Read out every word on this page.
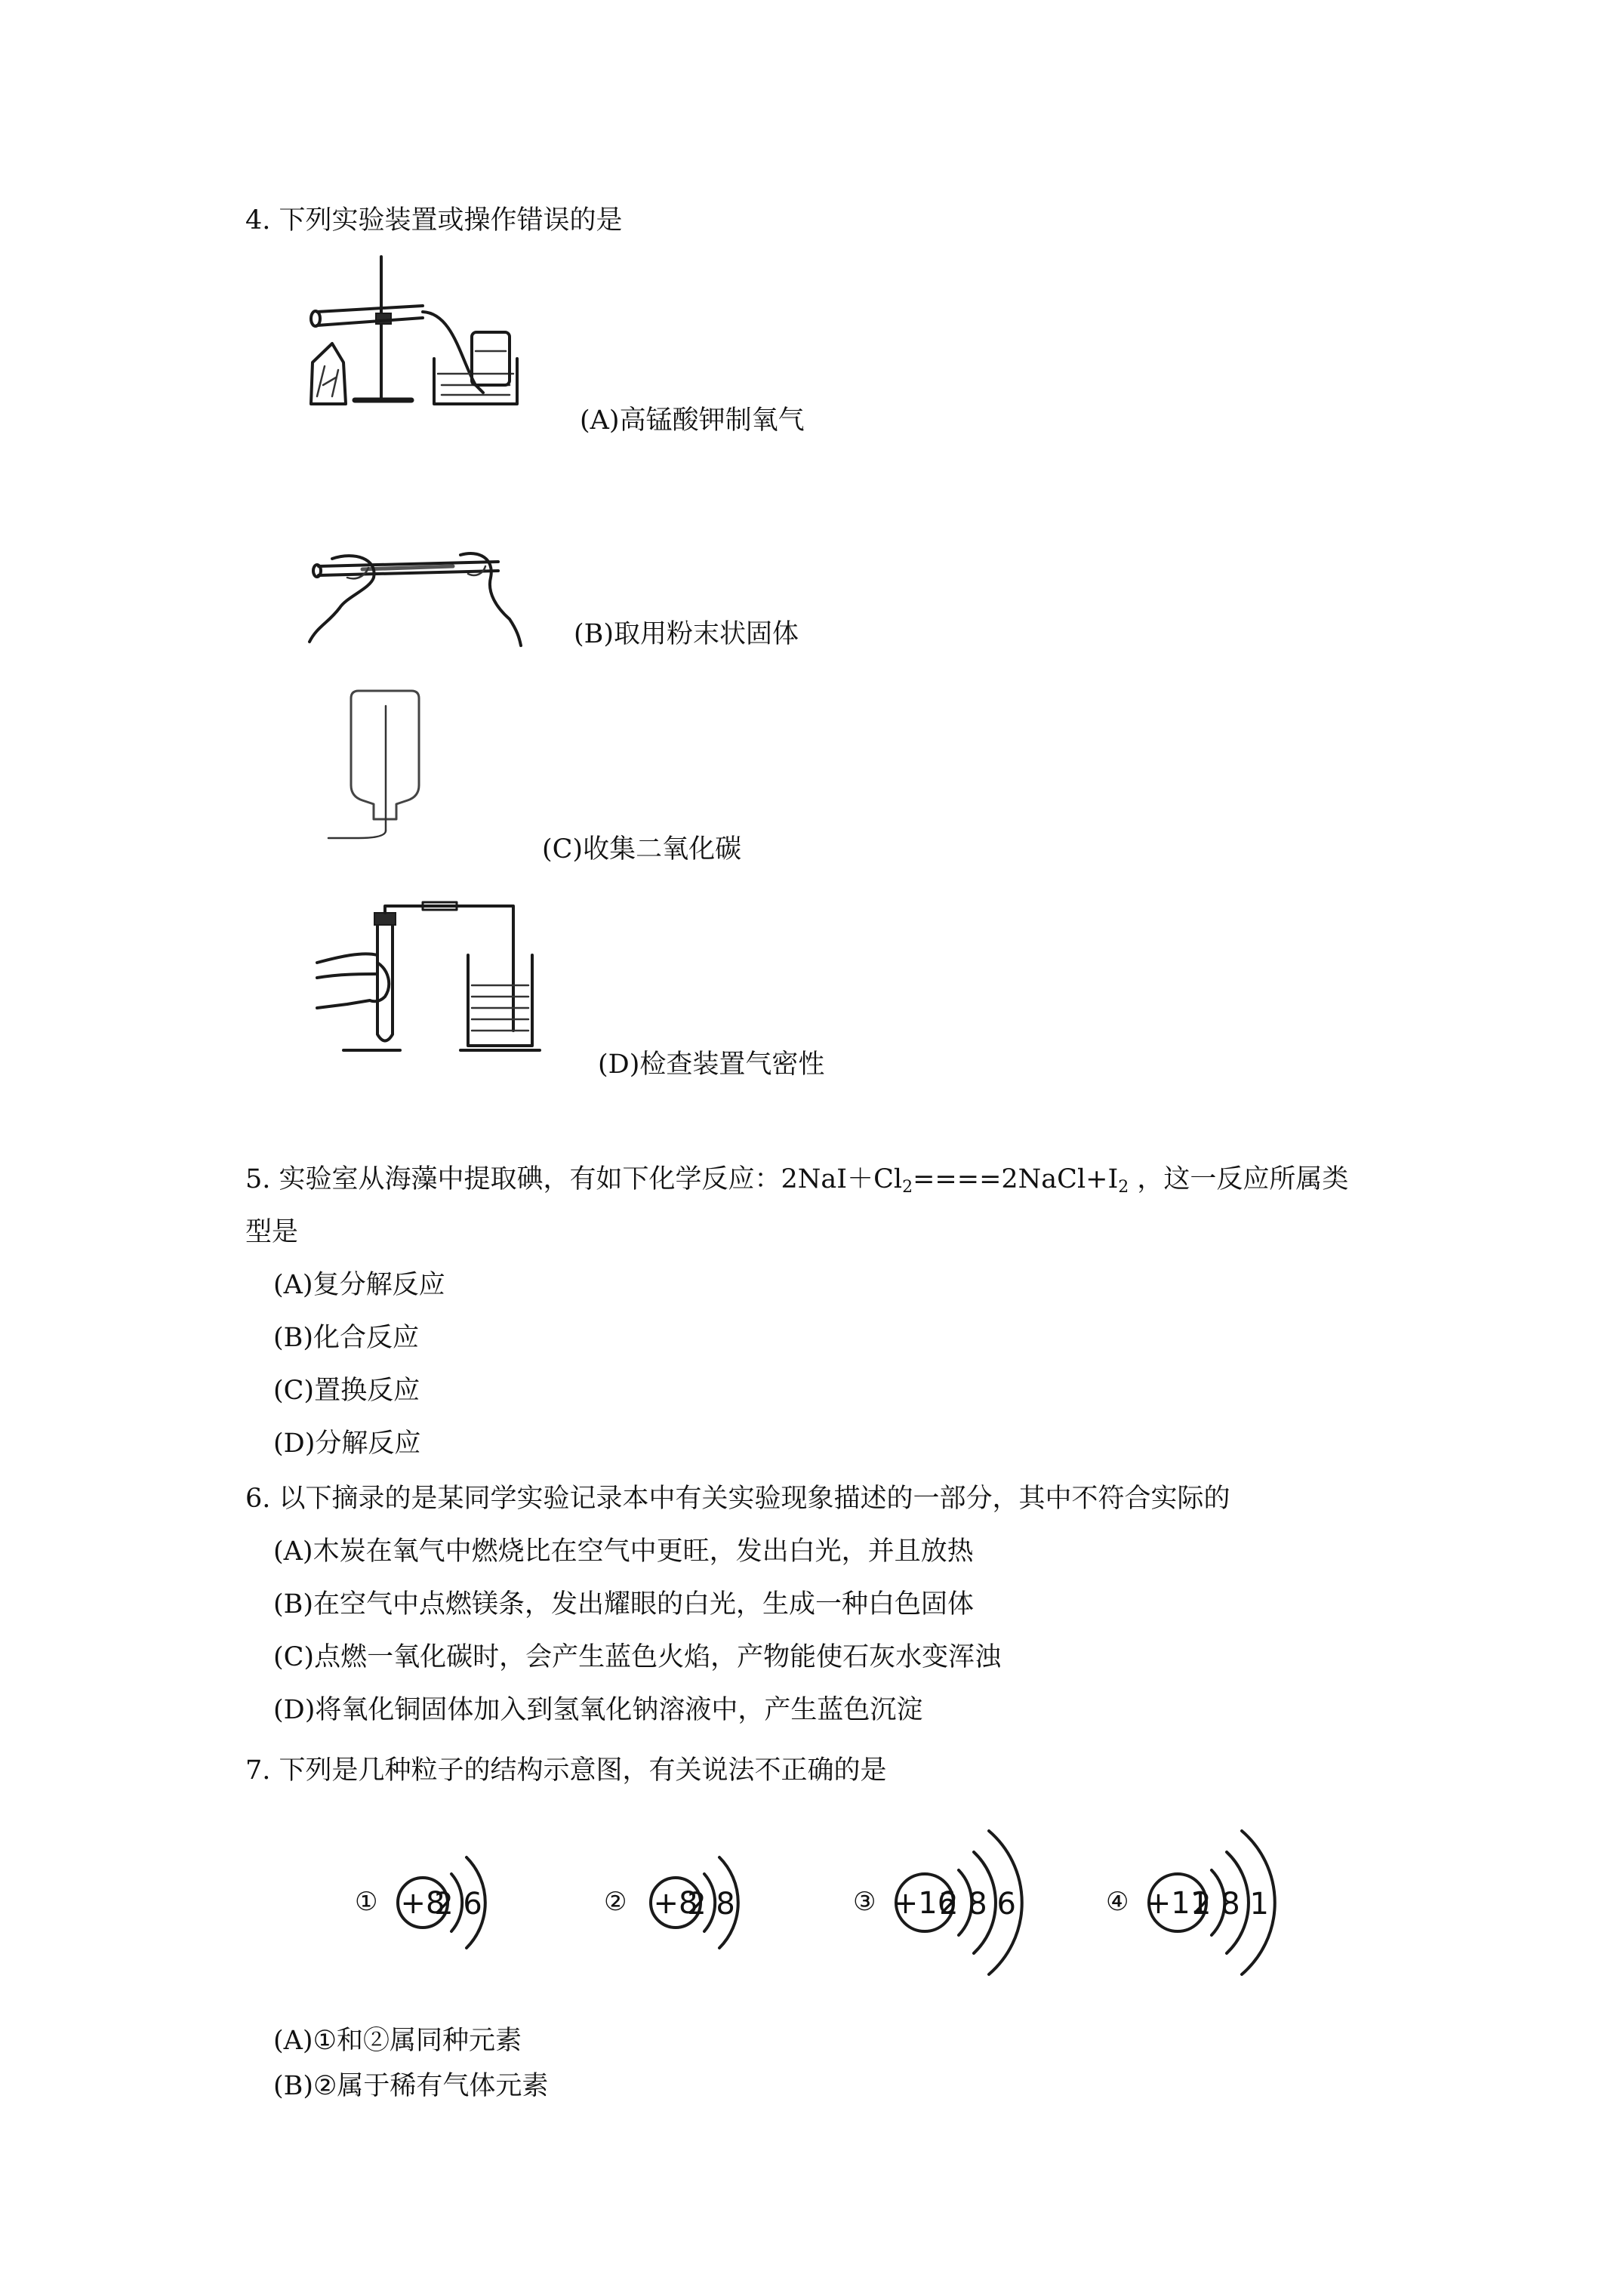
4. 下列实验装置或操作错误的是
(A)高锰酸钾制氧气
(B)取用粉末状固体
(C)收集二氧化碳
(D)检查装置气密性
5. 实验室从海藻中提取碘，有如下化学反应：$2NaI+Cl_2====2NaCl+I_2$ ，这一反应所属类
型是
(A)复分解反应
(B)化合反应
(C)置换反应
(D)分解反应
6. 以下摘录的是某同学实验记录本中有关实验现象描述的一部分，其中不符合实际的
(A)木炭在氧气中燃烧比在空气中更旺，发出白光，并且放热
(B)在空气中点燃镁条，发出耀眼的白光，生成一种白色固体
(C)点燃一氧化碳时，会产生蓝色火焰，产物能使石灰水变浑浊
(D)将氧化铜固体加入到氢氧化钠溶液中，产生蓝色沉淀
7. 下列是几种粒子的结构示意图，有关说法不正确的是
① +8
2 6	② +8
2 8	③ +16
2 8 6	④ +11
2 8 1
(A)①和②属同种元素
(B)②属于稀有气体元素
